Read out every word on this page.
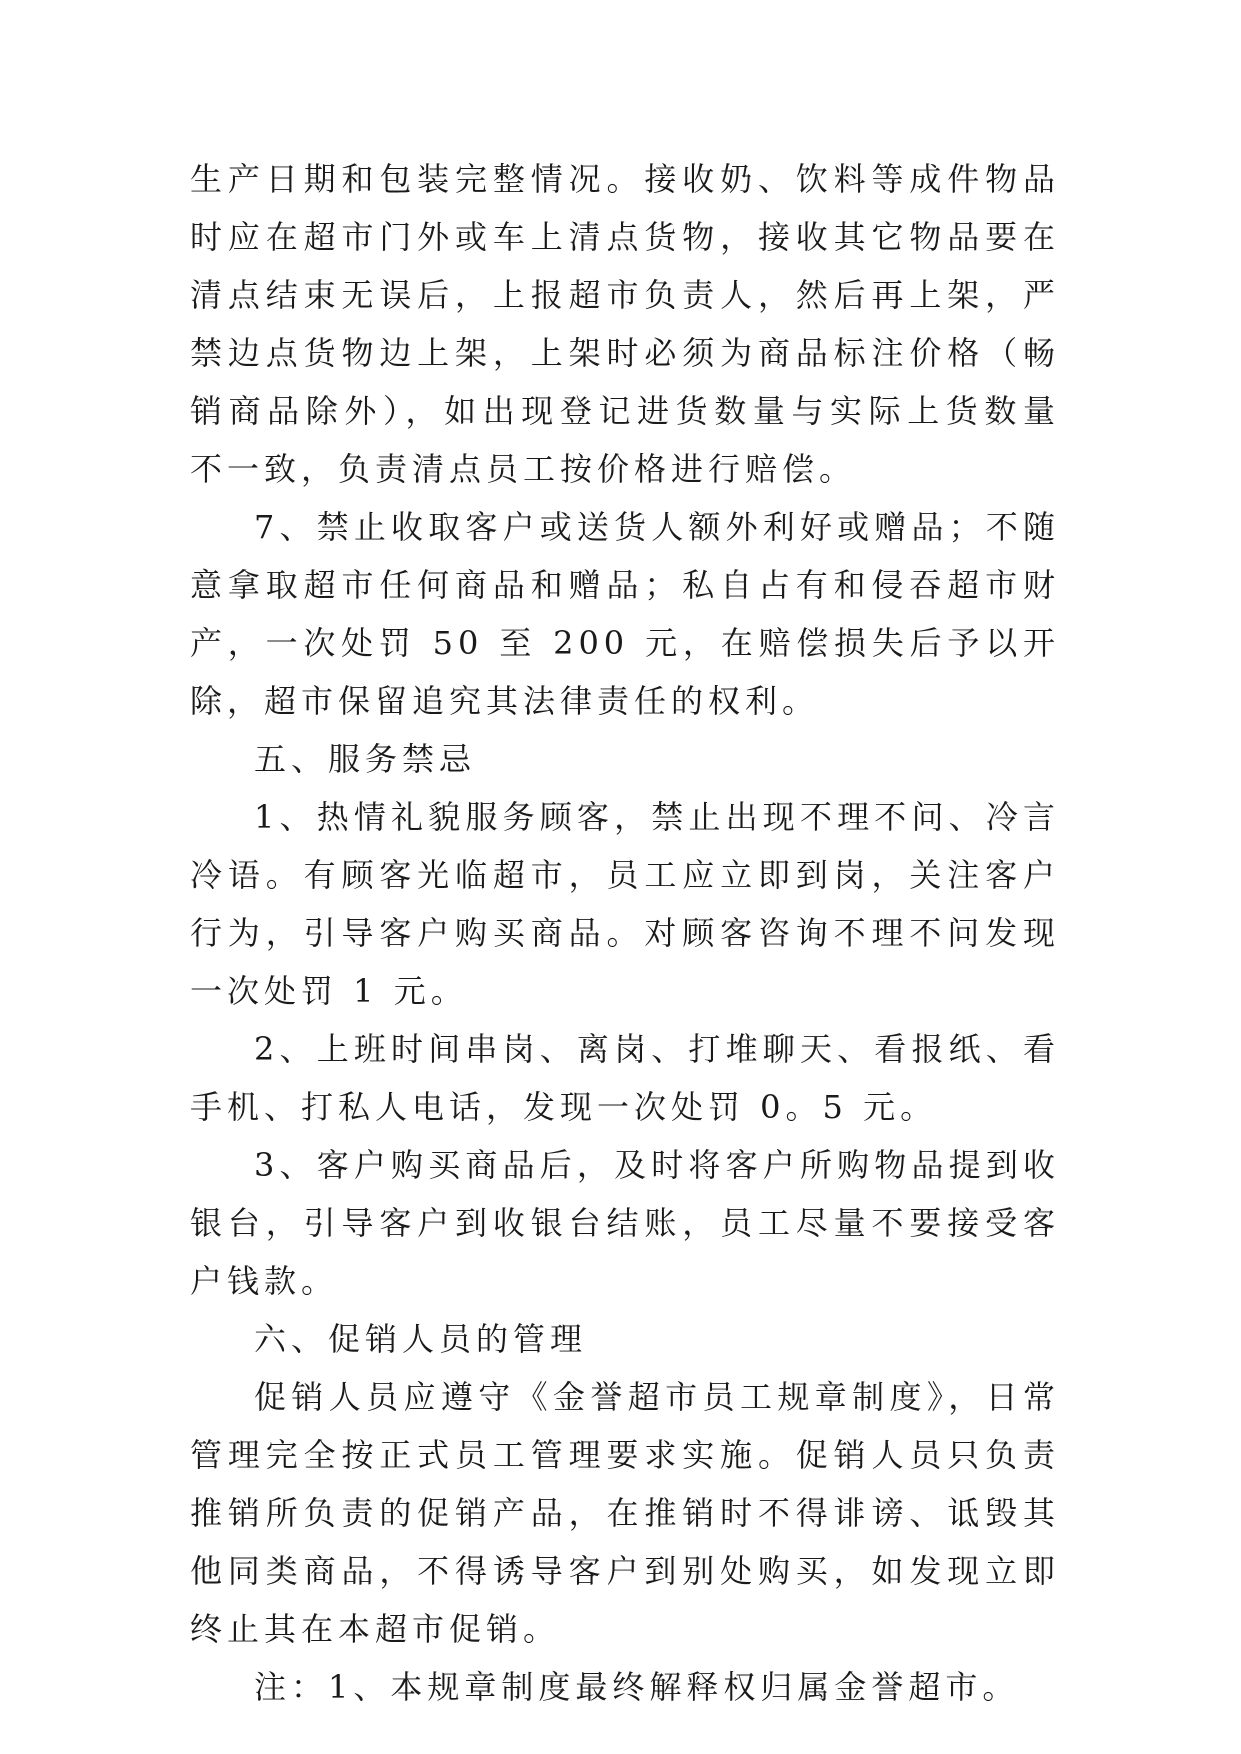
生产日期和包装完整情况。接收奶、饮料等成件物品时应在超市门外或车上清点货物，接收其它物品要在清点结束无误后，上报超市负责人，然后再上架，严禁边点货物边上架，上架时必须为商品标注价格（畅销商品除外），如出现登记进货数量与实际上货数量不一致，负责清点员工按价格进行赔偿。

7、禁止收取客户或送货人额外利好或赠品；不随意拿取超市任何商品和赠品；私自占有和侵吞超市财产，一次处罚 50 至 200 元，在赔偿损失后予以开除，超市保留追究其法律责任的权利。

五、服务禁忌

1、热情礼貌服务顾客，禁止出现不理不问、冷言冷语。有顾客光临超市，员工应立即到岗，关注客户行为，引导客户购买商品。对顾客咨询不理不问发现一次处罚 1 元。

2、上班时间串岗、离岗、打堆聊天、看报纸、看手机、打私人电话，发现一次处罚 0。5 元。

3、客户购买商品后，及时将客户所购物品提到收银台，引导客户到收银台结账，员工尽量不要接受客户钱款。

六、促销人员的管理

促销人员应遵守《金誉超市员工规章制度》，日常管理完全按正式员工管理要求实施。促销人员只负责推销所负责的促销产品，在推销时不得诽谤、诋毁其他同类商品，不得诱导客户到别处购买，如发现立即终止其在本超市促销。

注：1、本规章制度最终解释权归属金誉超市。
